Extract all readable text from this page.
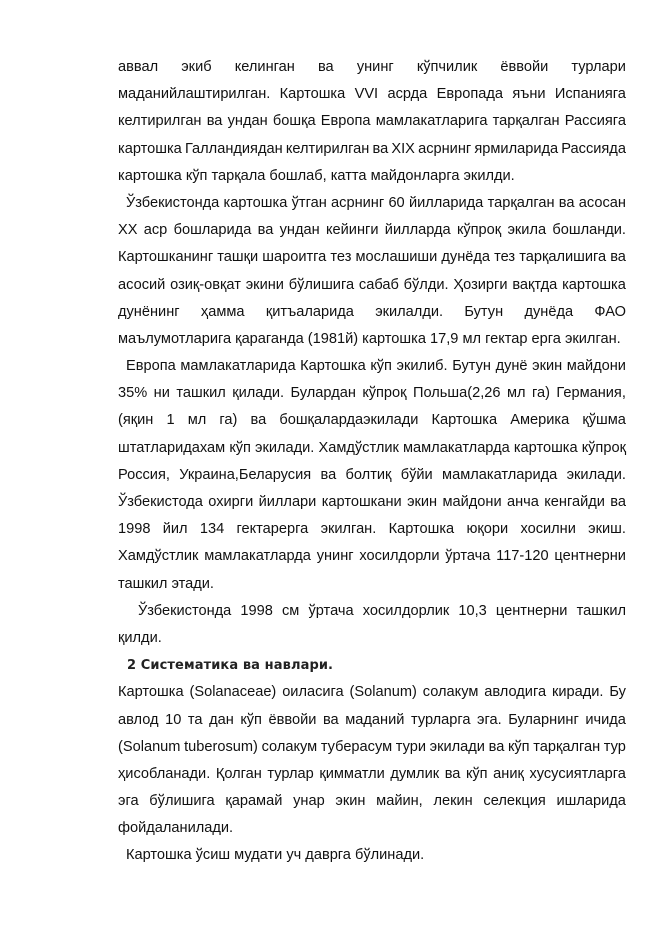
аввал экиб келинган ва унинг кўпчилик ёввойи турлари
маданийлаштирилган. Картошка VVI асрда Европада яъни Испанияга
келтирилган ва ундан бошқа Европа мамлакатларига тарқалган Рассияга
картошка Галландиядан келтирилган ва XIX асрнинг ярмиларида Рассияда
картошка кўп тарқала бошлаб, катта майдонларга экилди.
Ўзбекистонда картошка ўтган асрнинг 60 йилларида тарқалган ва асосан
XX аср бошларида ва ундан кейинги йилларда кўпроқ экила бошланди.
Картошканинг ташқи шароитга тез мослашиши дунёда тез тарқалишига ва
асосий озиқ-овқат экини бўлишига сабаб бўлди. Ҳозирги вақтда картошка
дунёнинг ҳамма қитъаларида экилалди. Бутун дунёда ФАО
маълумотларига қараганда (1981й) картошка 17,9 мл гектар ерга экилган.
Европа мамлакатларида Картошка кўп экилиб. Бутун дунё экин майдони
35% ни ташкил қилади. Булардан кўпроқ Польша(2,26 мл га) Германия,
(яқин 1 мл га) ва бошқалардаэкилади Картошка Америка қўшма
штатларидахам кўп экилади. Хамдўстлик мамлакатларда картошка кўпроқ
Россия, Украина,Беларусия ва болтиқ бўйи мамлакатларида экилади.
Ўзбекистода охирги йиллари картошкани экин майдони анча кенгайди ва
1998 йил 134 гектарерга экилган. Картошка юқори хосилни экиш.
Хамдўстлик мамлакатларда унинг хосилдорли ўртача 117-120 центнерни
ташкил этади.
Ўзбекистонда 1998 см ўртача хосилдорлик 10,3 центнерни ташкил
қилди.
2 Систематика ва навлари.
Картошка (Solanaceae) оиласига (Solanum) солакум авлодига киради. Бу
авлод 10 та дан кўп ёввойи ва маданий турларга эга. Буларнинг ичида
(Solanum tuberosum) солакум туберасум тури экилади ва кўп тарқалган тур
ҳисобланади. Қолган турлар қимматли думлик ва кўп аниқ хусусиятларга
эга бўлишига қарамай унар экин майин, лекин селекция ишларида
фойдаланилади.
Картошка ўсиш мудати уч даврга бўлинади.
